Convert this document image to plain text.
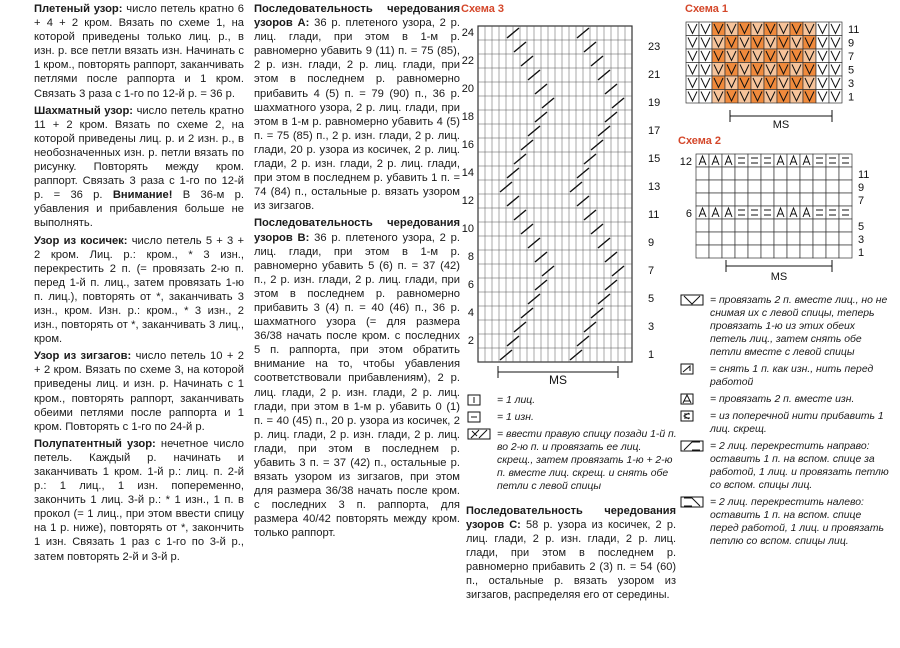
Плетеный узор: число петель кратно 6 + 4 + 2 кром. Вязать по схеме 1, на которой приведены только лиц. р., в изн. р. все петли вязать изн. Начинать с 1 кром., повторять раппорт, заканчивать петлями после раппорта и 1 кром. Связать 3 раза с 1-го по 12-й р. = 36 р.

Шахматный узор: число петель кратно 11 + 2 кром. Вязать по схеме 2, на которой приведены лиц. р. и 2 изн. р., в необозначенных изн. р. петли вязать по рисунку. Повторять между кром. раппорт. Связать 3 раза с 1-го по 12-й р. = 36 р. Внимание! В 36-м р. убавления и прибавления больше не выполнять.

Узор из косичек: число петель 5 + 3 + 2 кром. Лиц. р.: кром., * 3 изн., перекрестить 2 п. (= провязать 2-ю п. перед 1-й п. лиц., затем провязать 1-ю п. лиц.), повторять от *, заканчивать 3 изн., кром. Изн. р.: кром., * 3 изн., 2 изн., повторять от *, заканчивать 3 лиц., кром.

Узор из зигзагов: число петель 10 + 2 + 2 кром. Вязать по схеме 3, на которой приведены лиц. и изн. р. Начинать с 1 кром., повторять раппорт, заканчивать обеими петлями после раппорта и 1 кром. Повторять с 1-го по 24-й р.

Полупатентный узор: нечетное число петель. Каждый р. начинать и заканчивать 1 кром. 1-й р.: лиц. п. 2-й р.: 1 лиц., 1 изн. попеременно, закончить 1 лиц. 3-й р.: * 1 изн., 1 п. в прокол (= 1 лиц., при этом ввести спицу на 1 р. ниже), повторять от *, закончить 1 изн. Связать 1 раз с 1-го по 3-й р., затем повторять 2-й и 3-й р.

Последовательность чередования узоров А: 36 р. плетеного узора, 2 р. лиц. глади, при этом в 1-м р. равномерно убавить 9 (11) п. = 75 (85), 2 р. изн. глади, 2 р. лиц. глади, при этом в последнем р. равномерно прибавить 4 (5) п. = 79 (90) п., 36 р. шахматного узора, 2 р. лиц. глади, при этом в 1-м р. равномерно убавить 4 (5) п. = 75 (85) п., 2 р. изн. глади, 2 р. лиц. глади, 20 р. узора из косичек, 2 р. лиц. глади, 2 р. изн. глади, 2 р. лиц. глади, при этом в последнем р. убавить 1 п. = 74 (84) п., остальные р. вязать узором из зигзагов.

Последовательность чередования узоров В: 36 р. плетеного узора, 2 р. лиц. глади, при этом в 1-м р. равномерно убавить 5 (6) п. = 37 (42) п., 2 р. изн. глади, 2 р. лиц. глади, при этом в последнем р. равномерно прибавить 3 (4) п. = 40 (46) п., 36 р. шахматного узора (= для размера 36/38 начать после кром. с последних 5 п. раппорта, при этом обратить внимание на то, чтобы убавления соответствовали прибавлениям), 2 р. лиц. глади, 2 р. изн. глади, 2 р. лиц. глади, при этом в 1-м р. убавить 0 (1) п. = 40 (45) п., 20 р. узора из косичек, 2 р. лиц. глади, 2 р. изн. глади, 2 р. лиц. глади, при этом в последнем р. убавить 3 п. = 37 (42) п., остальные р. вязать узором из зигзагов, при этом для размера 36/38 начать после кром. с последних 3 п. раппорта, для размера 40/42 повторять между кром. только раппорт.

Последовательность чередования узоров С: 58 р. узора из косичек, 2 р. лиц. глади, 2 р. изн. глади, 2 р. лиц. глади, при этом в последнем р. равномерно прибавить 2 (3) п. = 54 (60) п., остальные р. вязать узором из зигзагов, распределяя его от середины.

Схема 3
24
22
20
18
16
14
12
10
8
6
4
2
23
21
19
17
15
13
11
9
7
5
3
1
MS
= 1 лиц.
= 1 изн.
= ввести правую спицу позади 1-й п. во 2-ю п. и провязать ее лиц. скрещ., затем провязать 1-ю + 2-ю п. вместе лиц. скрещ. и снять обе петли с левой спицы
Схема 1
11
9
7
5
3
1
MS
Схема 2
12
6
11
9
7
5
3
1
MS
= провязать 2 п. вместе лиц., но не снимая их с левой спицы, теперь провязать 1-ю из этих обеих петель лиц., затем снять обе петли вместе с левой спицы
= снять 1 п. как изн., нить перед работой
= провязать 2 п. вместе изн.
= из поперечной нити прибавить 1 лиц. скрещ.
= 2 лиц. перекрестить направо: оставить 1 п. на вспом. спице за работой, 1 лиц. и провязать петлю со вспом. спицы лиц.
= 2 лиц. перекрестить налево: оставить 1 п. на вспом. спице перед работой, 1 лиц. и провязать петлю со вспом. спицы лиц.
